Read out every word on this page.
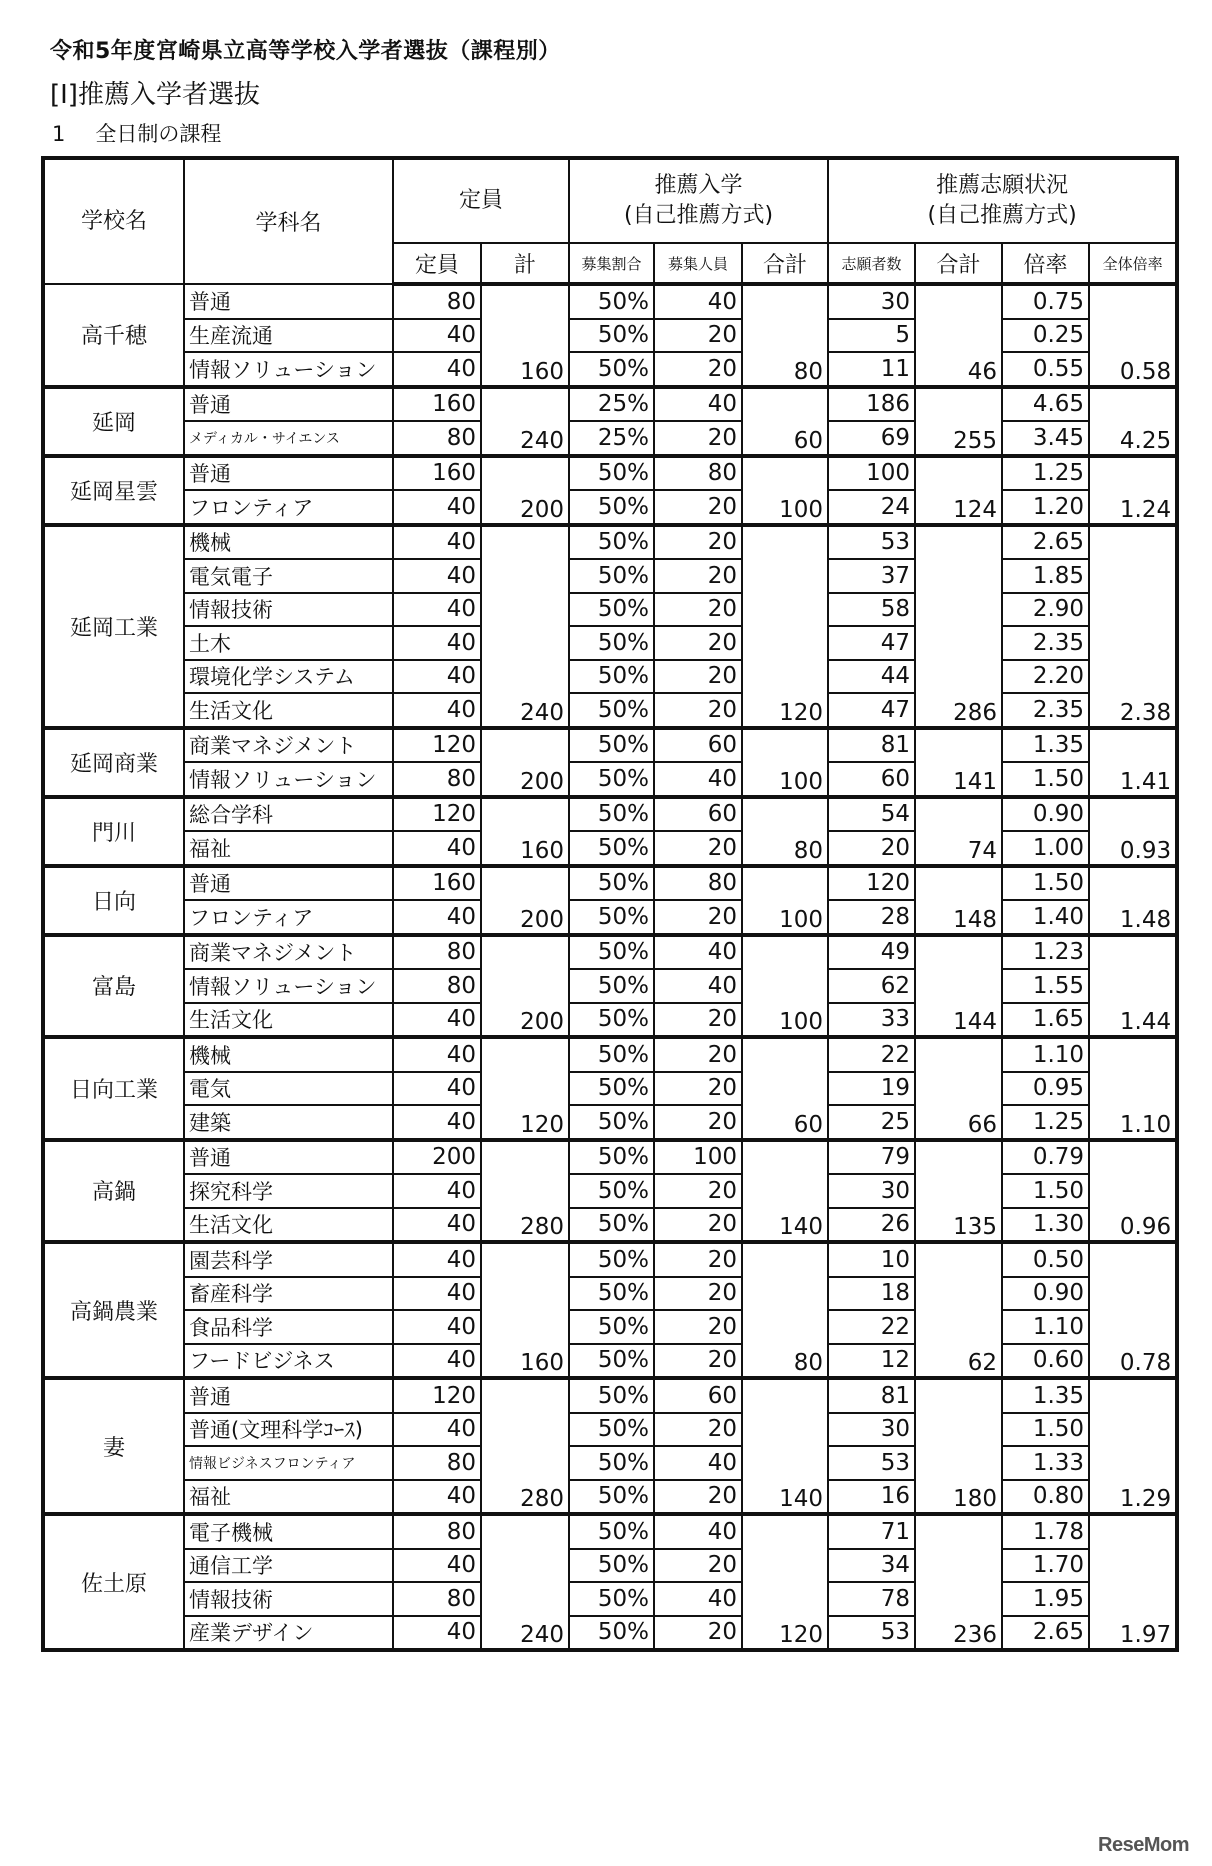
令和5年度宮崎県立高等学校入学者選抜（課程別）
[Ⅰ]推薦入学者選抜
1 全日制の課程
学校名	学科名	定員		推薦入学
(自己推薦方式)			推薦志願状況
(自己推薦方式)			
		定員	計	募集割合	募集人員	合計	志願者数	合計	倍率	全体倍率
高千穂	普通	80	160	50%	40	80	30	46	0.75	0.58
	生産流通	40		50%	20		5		0.25	
	情報ソリューション	40		50%	20		11		0.55	
延岡	普通	160	240	25%	40	60	186	255	4.65	4.25
	メディカル・サイエンス	80		25%	20		69		3.45	
延岡星雲	普通	160	200	50%	80	100	100	124	1.25	1.24
	フロンティア	40		50%	20		24		1.20	
延岡工業	機械	40	240	50%	20	120	53	286	2.65	2.38
	電気電子	40		50%	20		37		1.85	
	情報技術	40		50%	20		58		2.90	
	土木	40		50%	20		47		2.35	
	環境化学システム	40		50%	20		44		2.20	
	生活文化	40		50%	20		47		2.35	
延岡商業	商業マネジメント	120	200	50%	60	100	81	141	1.35	1.41
	情報ソリューション	80		50%	40		60		1.50	
門川	総合学科	120	160	50%	60	80	54	74	0.90	0.93
	福祉	40		50%	20		20		1.00	
日向	普通	160	200	50%	80	100	120	148	1.50	1.48
	フロンティア	40		50%	20		28		1.40	
富島	商業マネジメント	80	200	50%	40	100	49	144	1.23	1.44
	情報ソリューション	80		50%	40		62		1.55	
	生活文化	40		50%	20		33		1.65	
日向工業	機械	40	120	50%	20	60	22	66	1.10	1.10
	電気	40		50%	20		19		0.95	
	建築	40		50%	20		25		1.25	
高鍋	普通	200	280	50%	100	140	79	135	0.79	0.96
	探究科学	40		50%	20		30		1.50	
	生活文化	40		50%	20		26		1.30	
高鍋農業	園芸科学	40	160	50%	20	80	10	62	0.50	0.78
	畜産科学	40		50%	20		18		0.90	
	食品科学	40		50%	20		22		1.10	
	フードビジネス	40		50%	20		12		0.60	
妻	普通	120	280	50%	60	140	81	180	1.35	1.29
	普通(文理科学ｺｰｽ)	40		50%	20		30		1.50	
	情報ビジネスフロンティア	80		50%	40		53		1.33	
	福祉	40		50%	20		16		0.80	
佐土原	電子機械	80	240	50%	40	120	71	236	1.78	1.97
	通信工学	40		50%	20		34		1.70	
	情報技術	80		50%	40		78		1.95	
	産業デザイン	40		50%	20		53		2.65	
ReseMom
